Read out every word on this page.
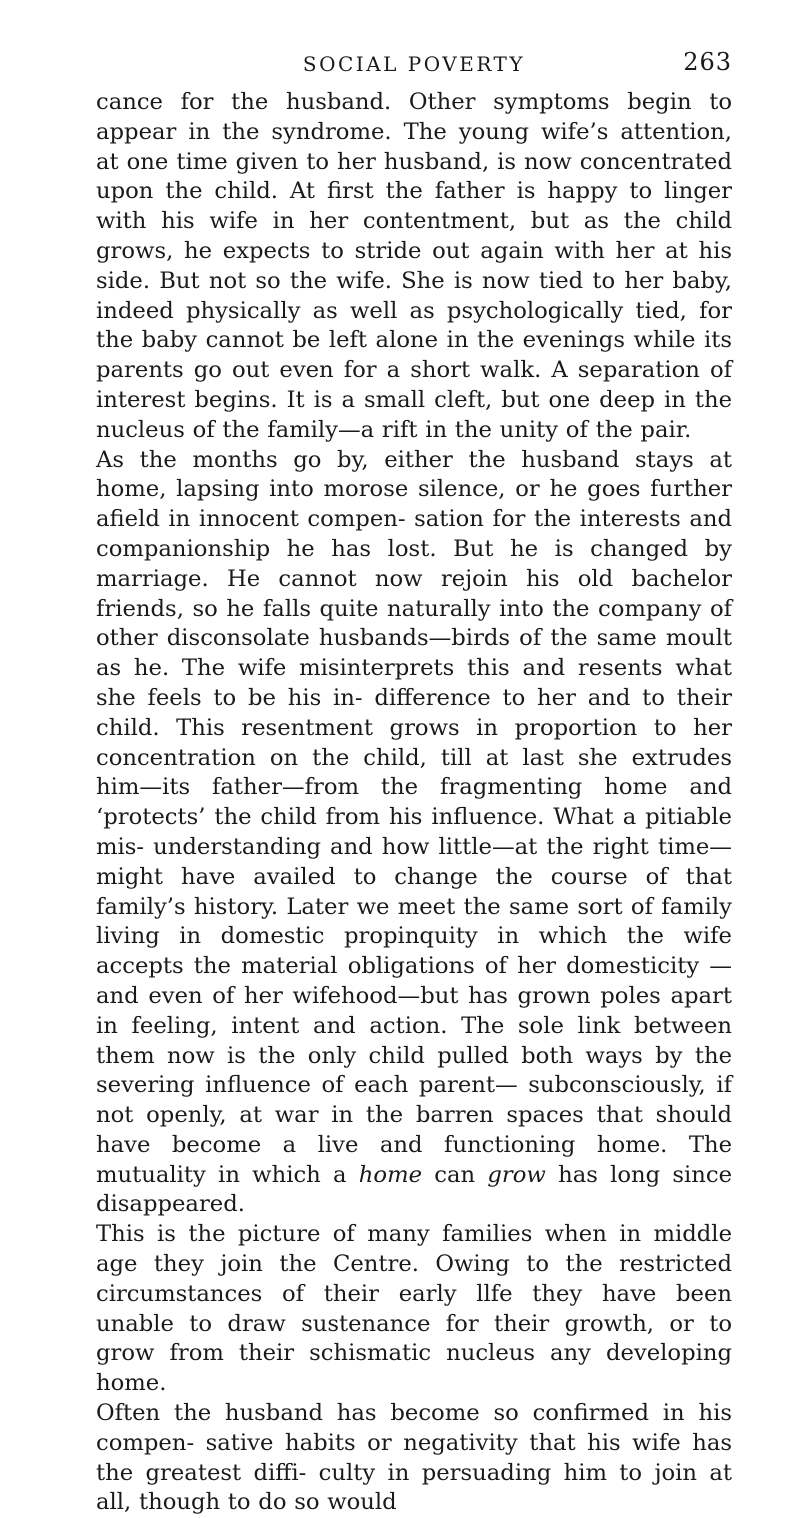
SOCIAL POVERTY	263

cance for the husband. Other symptoms begin to appear in the syndrome. The young wife’s attention, at one time given to her husband, is now concentrated upon the child. At first the father is happy to linger with his wife in her contentment, but as the child grows, he expects to stride out again with her at his side. But not so the wife. She is now tied to her baby, indeed physically as well as psychologically tied, for the baby cannot be left alone in the evenings while its parents go out even for a short walk. A separation of interest begins. It is a small cleft, but one deep in the nucleus of the family—a rift in the unity of the pair.

As the months go by, either the husband stays at home, lapsing into morose silence, or he goes further afield in innocent compen- sation for the interests and companionship he has lost. But he is changed by marriage. He cannot now rejoin his old bachelor friends, so he falls quite naturally into the company of other disconsolate husbands—birds of the same moult as he. The wife misinterprets this and resents what she feels to be his in- difference to her and to their child. This resentment grows in proportion to her concentration on the child, till at last she extrudes him—its father—from the fragmenting home and ‘protects’ the child from his influence. What a pitiable mis- understanding and how little—at the right time—might have availed to change the course of that family’s history. Later we meet the same sort of family living in domestic propinquity in which the wife accepts the material obligations of her domesticity —and even of her wifehood—but has grown poles apart in feeling, intent and action. The sole link between them now is the only child pulled both ways by the severing influence of each parent— subconsciously, if not openly, at war in the barren spaces that should have become a live and functioning home. The mutuality in which a home can grow has long since disappeared.

This is the picture of many families when in middle age they join the Centre. Owing to the restricted circumstances of their early llfe they have been unable to draw sustenance for their growth, or to grow from their schismatic nucleus any developing home.

Often the husband has become so confirmed in his compen- sative habits or negativity that his wife has the greatest diffi- culty in persuading him to join at all, though to do so would
